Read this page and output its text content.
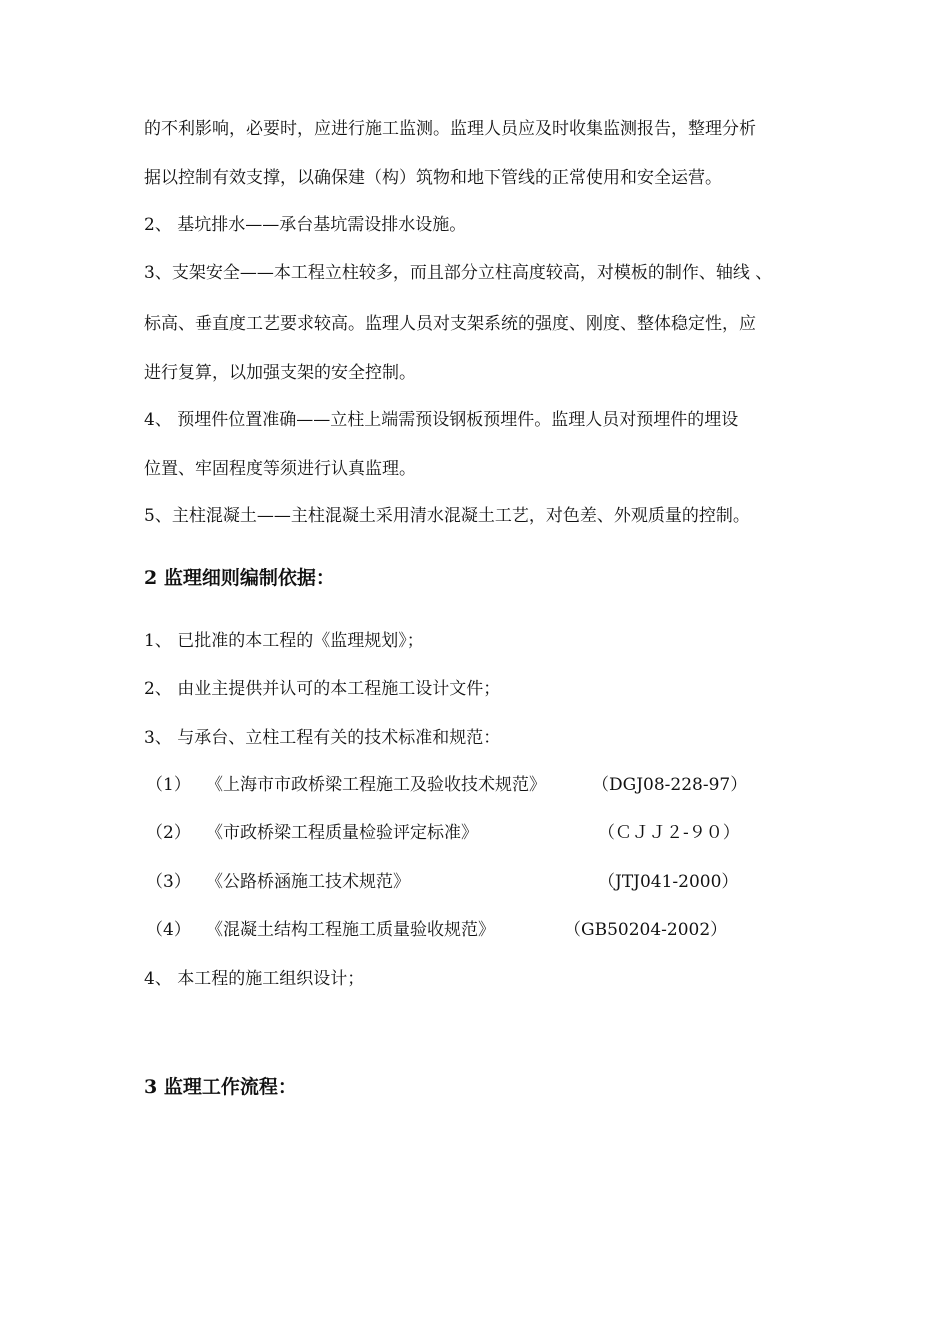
的不利影响，必要时，应进行施工监测。监理人员应及时收集监测报告，整理分析
据以控制有效支撑，以确保建（构）筑物和地下管线的正常使用和安全运营。
2、 基坑排水——承台基坑需设排水设施。
3、支架安全——本工程立柱较多，而且部分立柱高度较高，对模板的制作、轴线 、
标高、垂直度工艺要求较高。监理人员对支架系统的强度、刚度、整体稳定性，应
进行复算，以加强支架的安全控制。
4、 预埋件位置准确——立柱上端需预设钢板预埋件。监理人员对预埋件的埋设
位置、牢固程度等须进行认真监理。
5、主柱混凝土——主柱混凝土采用清水混凝土工艺，对色差、外观质量的控制。
2 监理细则编制依据：
1、 已批准的本工程的《监理规划》；
2、 由业主提供并认可的本工程施工设计文件；
3、 与承台、立柱工程有关的技术标准和规范：
（1） 《上海市市政桥梁工程施工及验收技术规范》	（DGJ08-228-97）
（2） 《市政桥梁工程质量检验评定标准》	（ＣＪＪ２-９０）
（3） 《公路桥涵施工技术规范》	（JTJ041-2000）
（4） 《混凝土结构工程施工质量验收规范》	（GB50204-2002）
4、 本工程的施工组织设计；
3 监理工作流程：
